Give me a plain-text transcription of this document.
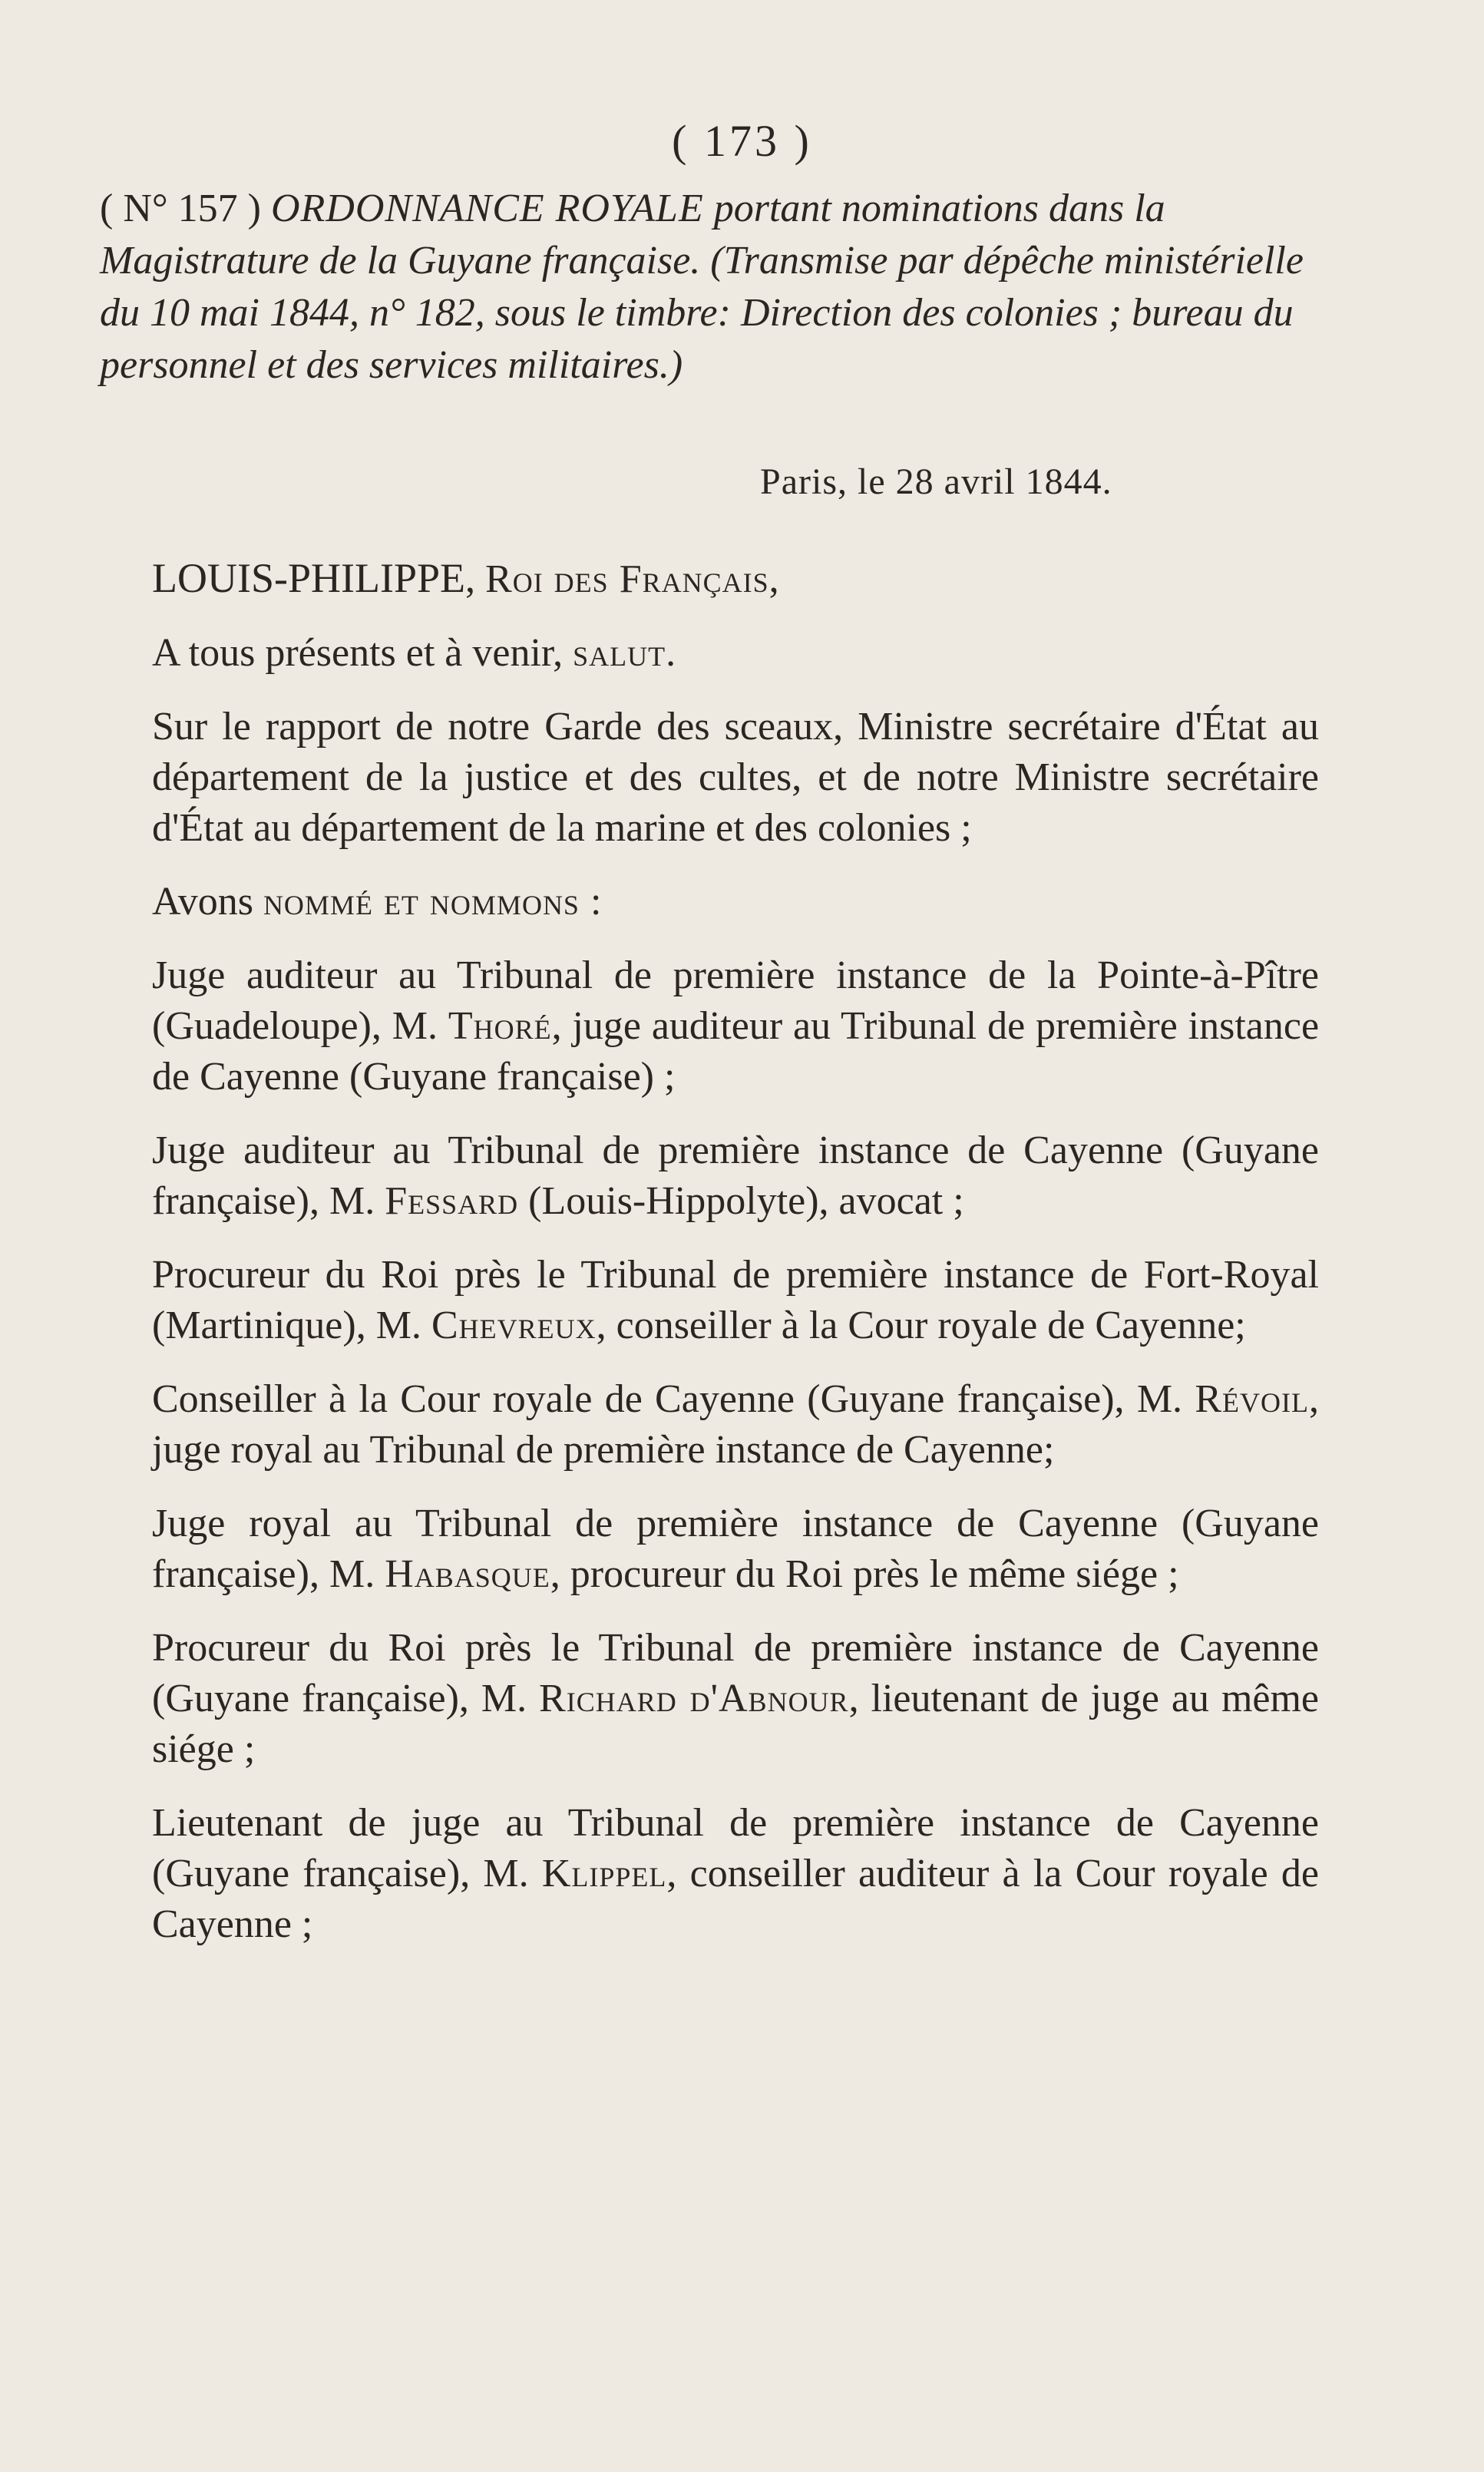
( 173 )
( N° 157 ) ORDONNANCE ROYALE portant nominations dans la Magistrature de la Guyane française. (Transmise par dépêche ministérielle du 10 mai 1844, n° 182, sous le timbre: Direction des colonies ; bureau du personnel et des services militaires.)
Paris, le 28 avril 1844.

LOUIS-PHILIPPE, Roi des Français,

A tous présents et à venir, salut.

Sur le rapport de notre Garde des sceaux, Ministre secrétaire d'État au département de la justice et des cultes, et de notre Ministre secrétaire d'État au département de la marine et des colonies ;

Avons nommé et nommons :

Juge auditeur au Tribunal de première instance de la Pointe-à-Pître (Guadeloupe), M. Thoré, juge auditeur au Tribunal de première instance de Cayenne (Guyane française) ;

Juge auditeur au Tribunal de première instance de Cayenne (Guyane française), M. Fessard (Louis-Hippolyte), avocat ;

Procureur du Roi près le Tribunal de première instance de Fort-Royal (Martinique), M. Chevreux, conseiller à la Cour royale de Cayenne;

Conseiller à la Cour royale de Cayenne (Guyane française), M. Révoil, juge royal au Tribunal de première instance de Cayenne;

Juge royal au Tribunal de première instance de Cayenne (Guyane française), M. Habasque, procureur du Roi près le même siége ;

Procureur du Roi près le Tribunal de première instance de Cayenne (Guyane française), M. Richard d'Abnour, lieutenant de juge au même siége ;

Lieutenant de juge au Tribunal de première instance de Cayenne (Guyane française), M. Klippel, conseiller auditeur à la Cour royale de Cayenne ;
